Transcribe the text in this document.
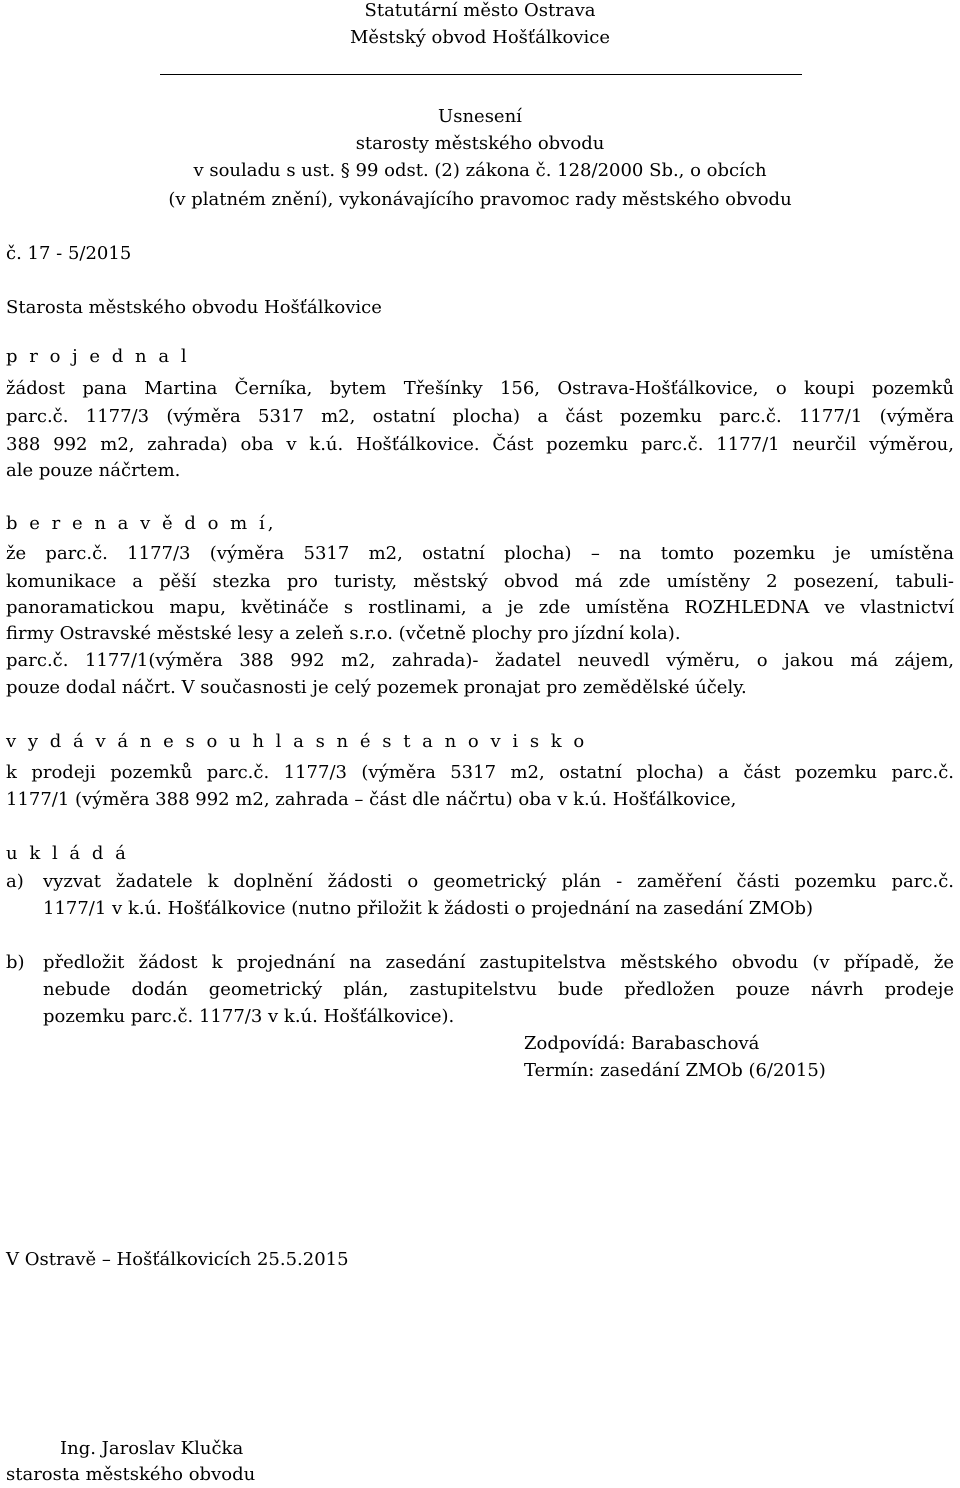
Statutární město Ostrava
Městský obvod Hošťálkovice
Usnesení
starosty městského obvodu
v souladu s ust. § 99 odst. (2) zákona č. 128/2000 Sb., o obcích
(v platném znění), vykonávajícího pravomoc rady městského obvodu
č. 17 - 5/2015
Starosta městského obvodu Hošťálkovice
p r o j e d n a l
žádost pana Martina Černíka, bytem Třešínky 156, Ostrava-Hošťálkovice, o koupi pozemků
parc.č. 1177/3 (výměra 5317 m2, ostatní plocha) a část pozemku parc.č. 1177/1 (výměra
388 992 m2, zahrada) oba v k.ú. Hošťálkovice. Část pozemku parc.č. 1177/1 neurčil výměrou,
ale pouze náčrtem.
b e r e n a v ě d o m í,
že parc.č. 1177/3 (výměra 5317 m2, ostatní plocha) – na tomto pozemku je umístěna
komunikace a pěší stezka pro turisty, městský obvod má zde umístěny 2 posezení, tabuli-
panoramatickou mapu, květináče s rostlinami, a je zde umístěna ROZHLEDNA ve vlastnictví
firmy Ostravské městské lesy a zeleň s.r.o. (včetně plochy pro jízdní kola).
parc.č. 1177/1(výměra 388 992 m2, zahrada)- žadatel neuvedl výměru, o jakou má zájem,
pouze dodal náčrt. V současnosti je celý pozemek pronajat pro zemědělské účely.
v y d á v á n e s o u h l a s n é s t a n o v i s k o
k prodeji pozemků parc.č. 1177/3 (výměra 5317 m2, ostatní plocha) a část pozemku parc.č.
1177/1 (výměra 388 992 m2, zahrada – část dle náčrtu) oba v k.ú. Hošťálkovice,
u k l á d á
a) vyzvat žadatele k doplnění žádosti o geometrický plán - zaměření části pozemku parc.č.
1177/1 v k.ú. Hošťálkovice (nutno přiložit k žádosti o projednání na zasedání ZMOb)
b) předložit žádost k projednání na zasedání zastupitelstva městského obvodu (v případě, že
nebude dodán geometrický plán, zastupitelstvu bude předložen pouze návrh prodeje
pozemku parc.č. 1177/3 v k.ú. Hošťálkovice).
Zodpovídá: Barabaschová
Termín: zasedání ZMOb (6/2015)
V Ostravě – Hošťálkovicích 25.5.2015
Ing. Jaroslav Klučka
starosta městského obvodu
